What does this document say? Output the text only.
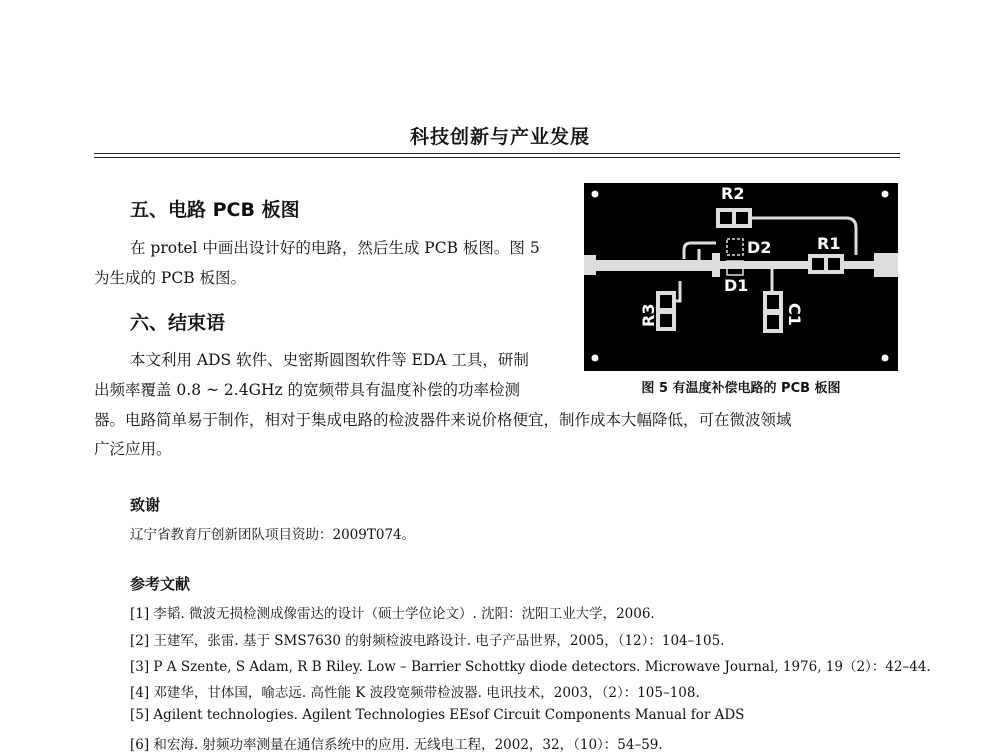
科技创新与产业发展
五、电路 PCB 板图
在 protel 中画出设计好的电路，然后生成 PCB 板图。图 5
为生成的 PCB 板图。
六、结束语
本文利用 ADS 软件、史密斯圆图软件等 EDA 工具，研制
出频率覆盖 0.8 ~ 2.4GHz 的宽频带具有温度补偿的功率检测
器。电路简单易于制作，相对于集成电路的检波器件来说价格便宜，制作成本大幅降低，可在微波领域
广泛应用。
R2
D2	R1
D1
R3	C1
图 5 有温度补偿电路的 PCB 板图
致谢
辽宁省教育厅创新团队项目资助：2009T074。
参考文献
[1] 李韬. 微波无损检测成像雷达的设计（硕士学位论文）. 沈阳：沈阳工业大学，2006.
[2] 王建军，张雷. 基于 SMS7630 的射频检波电路设计. 电子产品世界，2005，（12）：104–105.
[3] P A Szente, S Adam, R B Riley. Low – Barrier Schottky diode detectors. Microwave Journal, 1976, 19（2）：42–44.
[4] 邓建华，甘体国，喻志远. 高性能 K 波段宽频带检波器. 电讯技术，2003，（2）：105–108.
[5] Agilent technologies. Agilent Technologies EEsof Circuit Components Manual for ADS
[6] 和宏海. 射频功率测量在通信系统中的应用. 无线电工程，2002，32，（10）：54–59.
